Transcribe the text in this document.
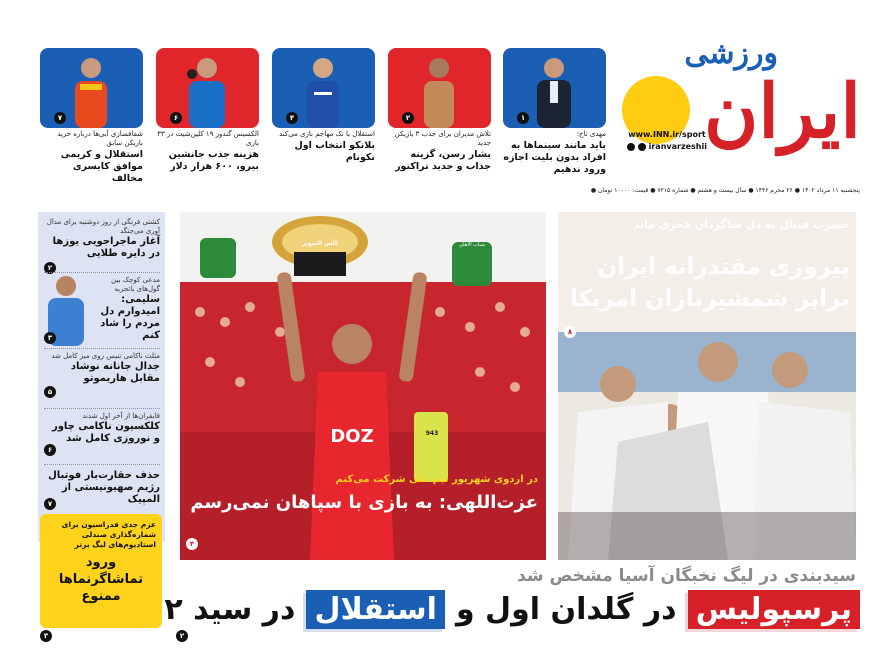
ایران
ورزشی
www.INN.ir/sport
iranvarzeshii
پنجشنبه ۱۱ مرداد ۱۴۰۲ ● ۲۶ محرم ۱۴۴۶ ● سال بیست و هشتم ● شماره ۷۲۱۵ ● قیمت: ۱۰۰۰۰ تومان ●
۱
مهدی تاج:
باید مانند سینماها به افراد بدون بلیت اجازه ورود ندهیم
۲
تلاش مدیران برای جذب ۳ بازیکن جدید
بشار رسن، گزینه جذاب و جدید تراکتور
۴
استقلال با تک مهاجم بازی می‌کند
بلانکو انتخاب اول نکونام
۶
الکسیس گندوز ۱۹ کلین‌شیت در ۳۳ بازی
هزینه جذب جانشین بیرو، ۶۰۰ هزار دلار
۷
شفافسازی آبی‌ها درباره خرید بازیکن سابق
استقلال و کریمی موافق کایسری مخالف
کشتی فرنگی از روز دوشنبه برای مدال آوری می‌جنگد
آغاز ماجراجویی یوزها در دایره طلایی
۲
مدعی کوچک بین گول‌های باتجربه
سلیمی: امیدوارم دل مردم را شاد کنم
۳
مثلث ناکامی تنیس روی میز کامل شد
جدال جانانه نوشاد مقابل هاریموتو
۵
قایقران‌ها از آخر اول شدند
کلکسیون ناکامی چاور و نوروزی کامل شد
۶
حذف حقارت‌بار فوتبال رژیم صهیونیستی از المپیک
۷
عزم جدی فدراسیون برای شماره‌گذاری صندلی استادیوم‌های لیگ برتر
ورود تماشاگرنماها ممنوع
۳
DOZ
كأس السوبر	شباب الأهلي
943
در اردوی شهریور تیم ملی شرکت می‌کنم
عزت‌اللهی: به بازی با سپاهان نمی‌رسم
۴
حسرت فینال به دل شاگردان فخری ماند
پیروزی مقتدرانه ایران
برابر شمشیربازان امریکا
۸
سیدبندی در لیگ نخبگان آسیا مشخص شد
پرسپولیس در گلدان اول و استقلال در سید ۲
۲
